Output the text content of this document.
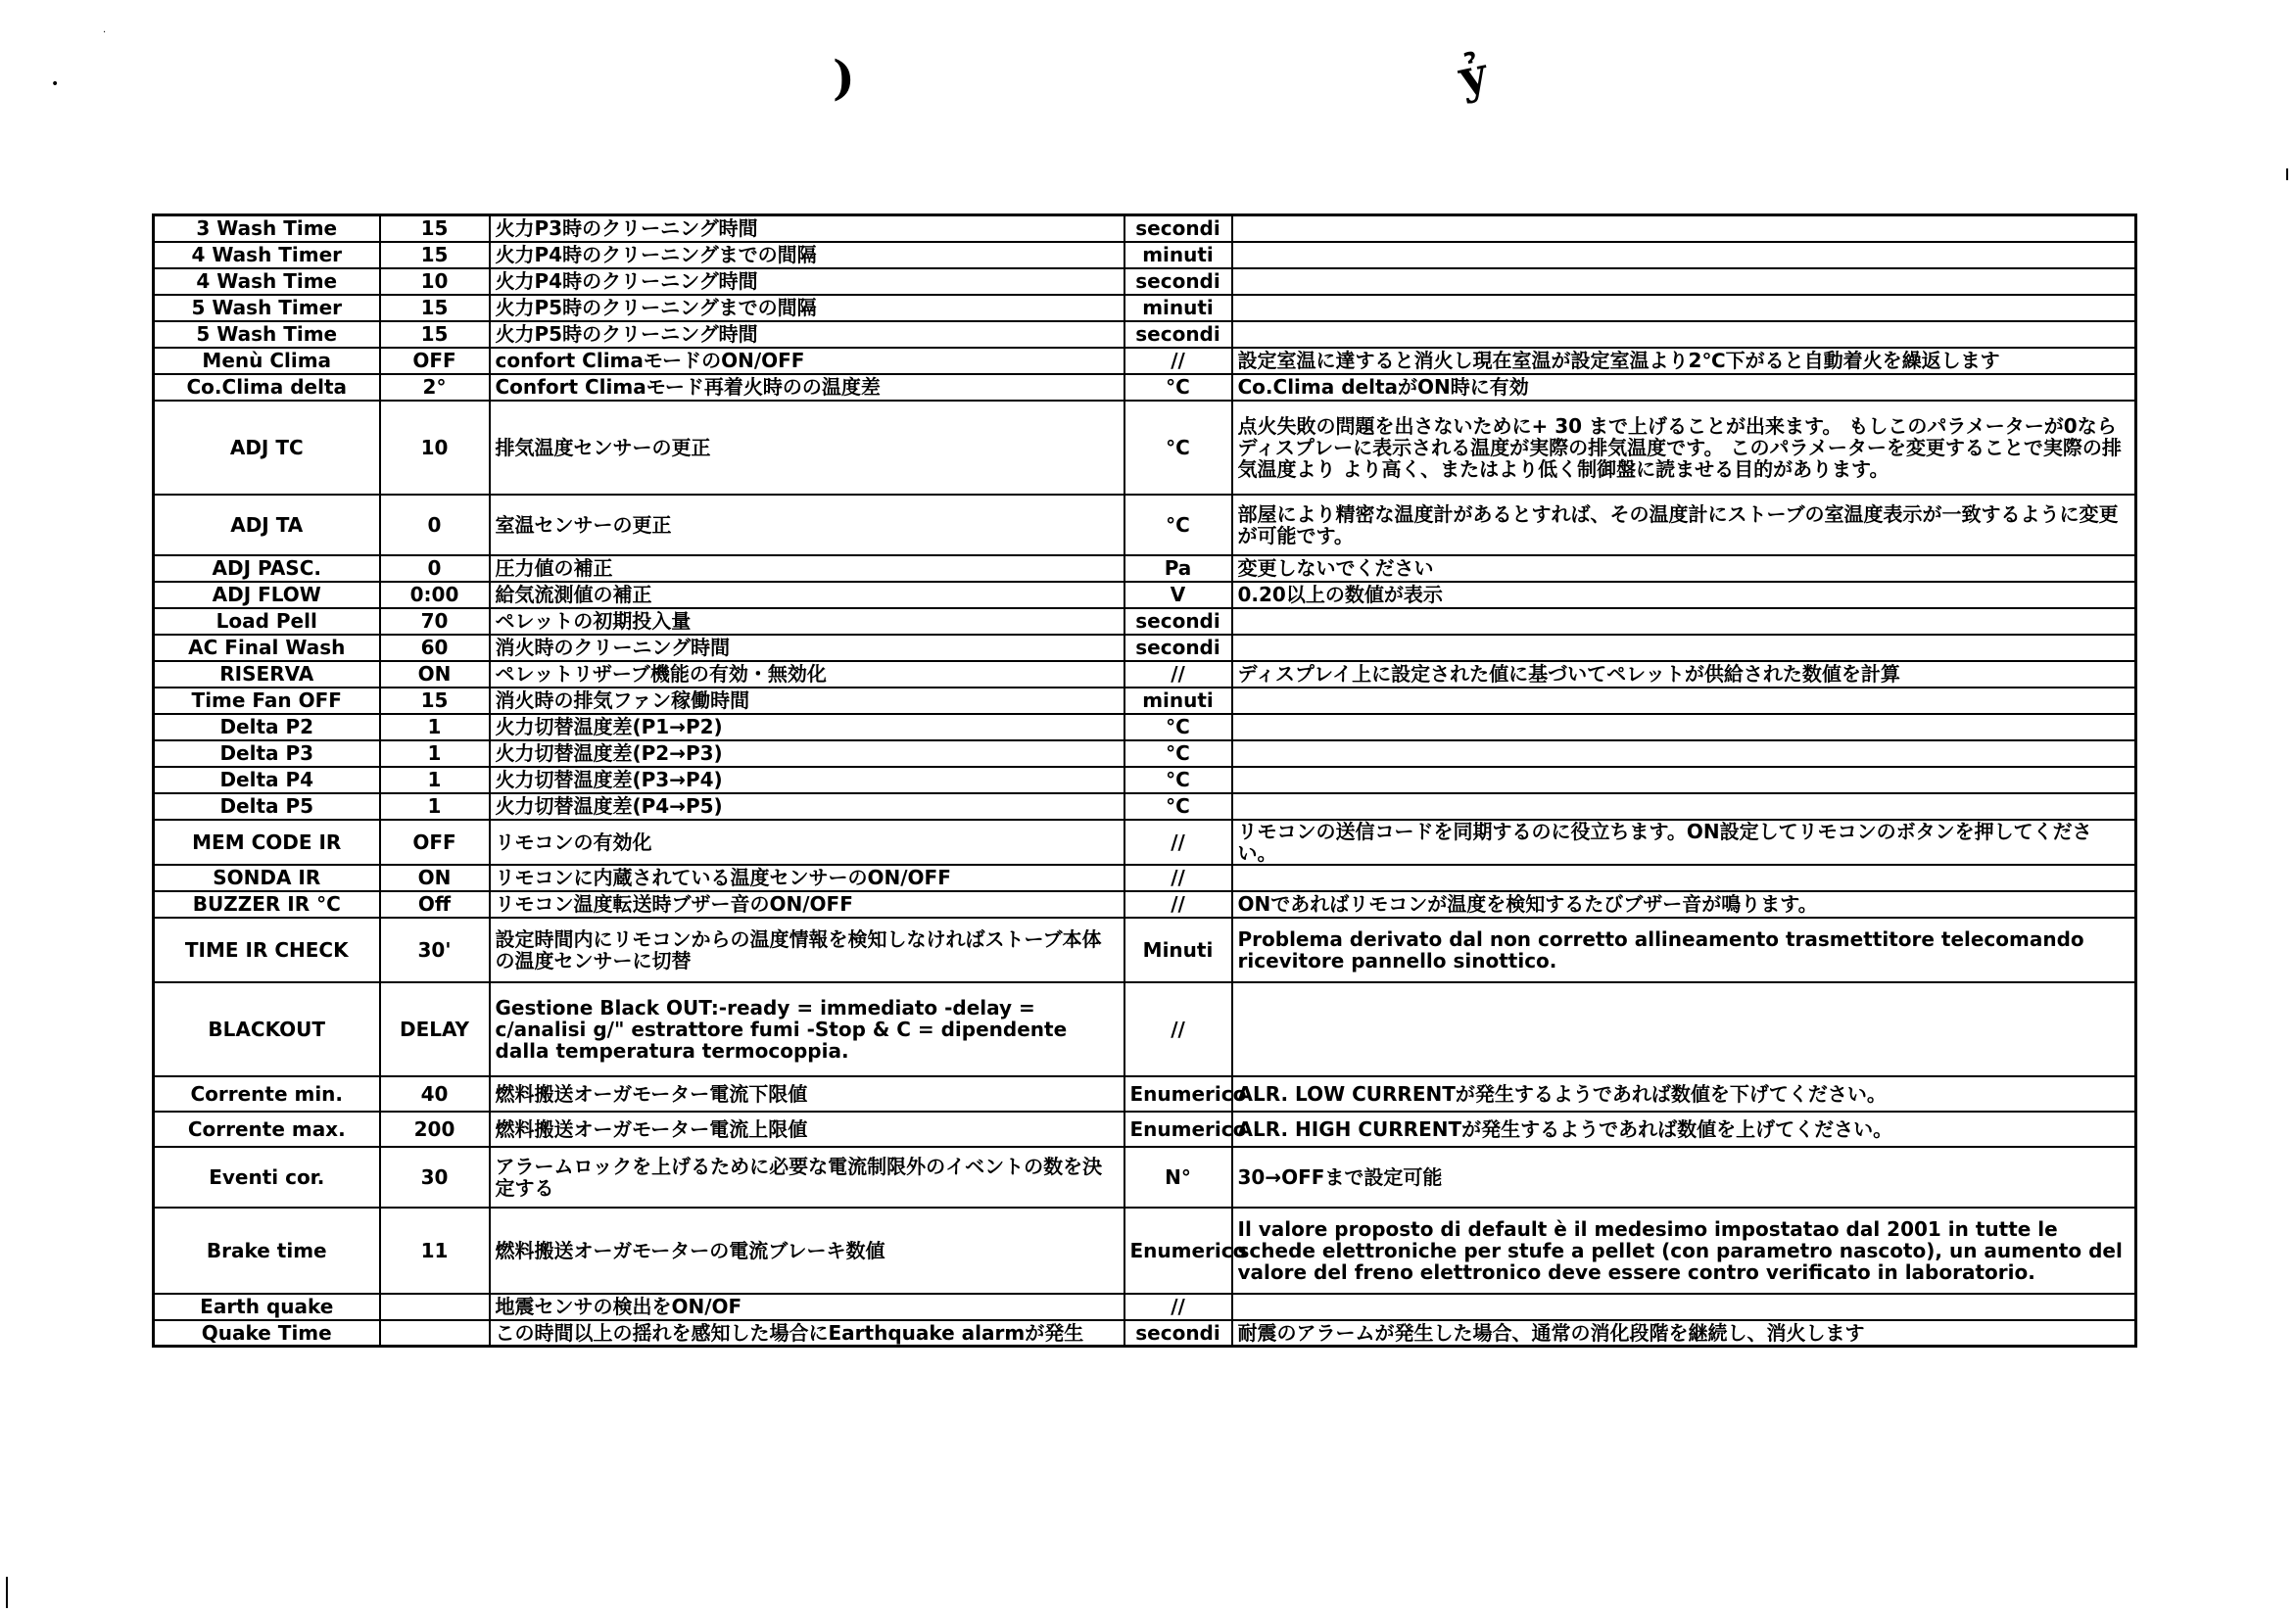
·
•	)	ỷ
3 Wash Time	15	火力P3時のクリーニング時間	secondi	
4 Wash Timer	15	火力P4時のクリーニングまでの間隔	minuti	
4 Wash Time	10	火力P4時のクリーニング時間	secondi	
5 Wash Timer	15	火力P5時のクリーニングまでの間隔	minuti	
5 Wash Time	15	火力P5時のクリーニング時間	secondi	
Menù Clima	OFF	confort ClimaモードのON/OFF	//	設定室温に達すると消火し現在室温が設定室温より2℃下がると自動着火を繰返します
Co.Clima delta	2°	Confort Climaモード再着火時のの温度差	°C	Co.Clima deltaがON時に有効
ADJ TC	10	排気温度センサーの更正	°C	点火失敗の問題を出さないために+ 30 まで上げることが出来ます。 もしこのパラメーターが0ならディスプレーに表示される温度が実際の排気温度です。 このパラメーターを変更することで実際の排気温度より より高く、またはより低く制御盤に読ませる目的があります。
ADJ TA	0	室温センサーの更正	°C	部屋により精密な温度計があるとすれば、その温度計にストーブの室温度表示が一致するように変更が可能です。
ADJ PASC.	0	圧力値の補正	Pa	変更しないでください
ADJ FLOW	0:00	給気流測値の補正	V	0.20以上の数値が表示
Load Pell	70	ペレットの初期投入量	secondi	
AC Final Wash	60	消火時のクリーニング時間	secondi	
RISERVA	ON	ペレットリザーブ機能の有効・無効化	//	ディスプレイ上に設定された値に基づいてペレットが供給された数値を計算
Time Fan OFF	15	消火時の排気ファン稼働時間	minuti	
Delta P2	1	火力切替温度差(P1→P2)	°C	
Delta P3	1	火力切替温度差(P2→P3)	°C	
Delta P4	1	火力切替温度差(P3→P4)	°C	
Delta P5	1	火力切替温度差(P4→P5)	°C	
MEM CODE IR	OFF	リモコンの有効化	//	リモコンの送信コードを同期するのに役立ちます。ON設定してリモコンのボタンを押してください。
SONDA IR	ON	リモコンに内蔵されている温度センサーのON/OFF	//	
BUZZER IR °C	Off	リモコン温度転送時ブザー音のON/OFF	//	ONであればリモコンが温度を検知するたびブザー音が鳴ります。
TIME IR CHECK	30'	設定時間内にリモコンからの温度情報を検知しなければストーブ本体の温度センサーに切替	Minuti	Problema derivato dal non corretto allineamento trasmettitore telecomando ricevitore pannello sinottico.
BLACKOUT	DELAY	Gestione Black OUT:-ready = immediato -delay = c/analisi g/" estrattore fumi -Stop & C = dipendente dalla temperatura termocoppia.	//	
Corrente min.	40	燃料搬送オーガモーター電流下限値	Enumerico	ALR. LOW CURRENTが発生するようであれば数値を下げてください。
Corrente max.	200	燃料搬送オーガモーター電流上限値	Enumerico	ALR. HIGH CURRENTが発生するようであれば数値を上げてください。
Eventi cor.	30	アラームロックを上げるために必要な電流制限外のイベントの数を決定する	N°	30→OFFまで設定可能
Brake time	11	燃料搬送オーガモーターの電流ブレーキ数値	Enumerico	Il valore proposto di default è il medesimo impostatao dal 2001 in tutte le schede elettroniche per stufe a pellet (con parametro nascoto), un aumento del valore del freno elettronico deve essere contro verificato in laboratorio.
Earth quake		地震センサの検出をON/OF	//	
Quake Time		この時間以上の揺れを感知した場合にEarthquake alarmが発生	secondi	耐震のアラームが発生した場合、通常の消化段階を継続し、消火します
